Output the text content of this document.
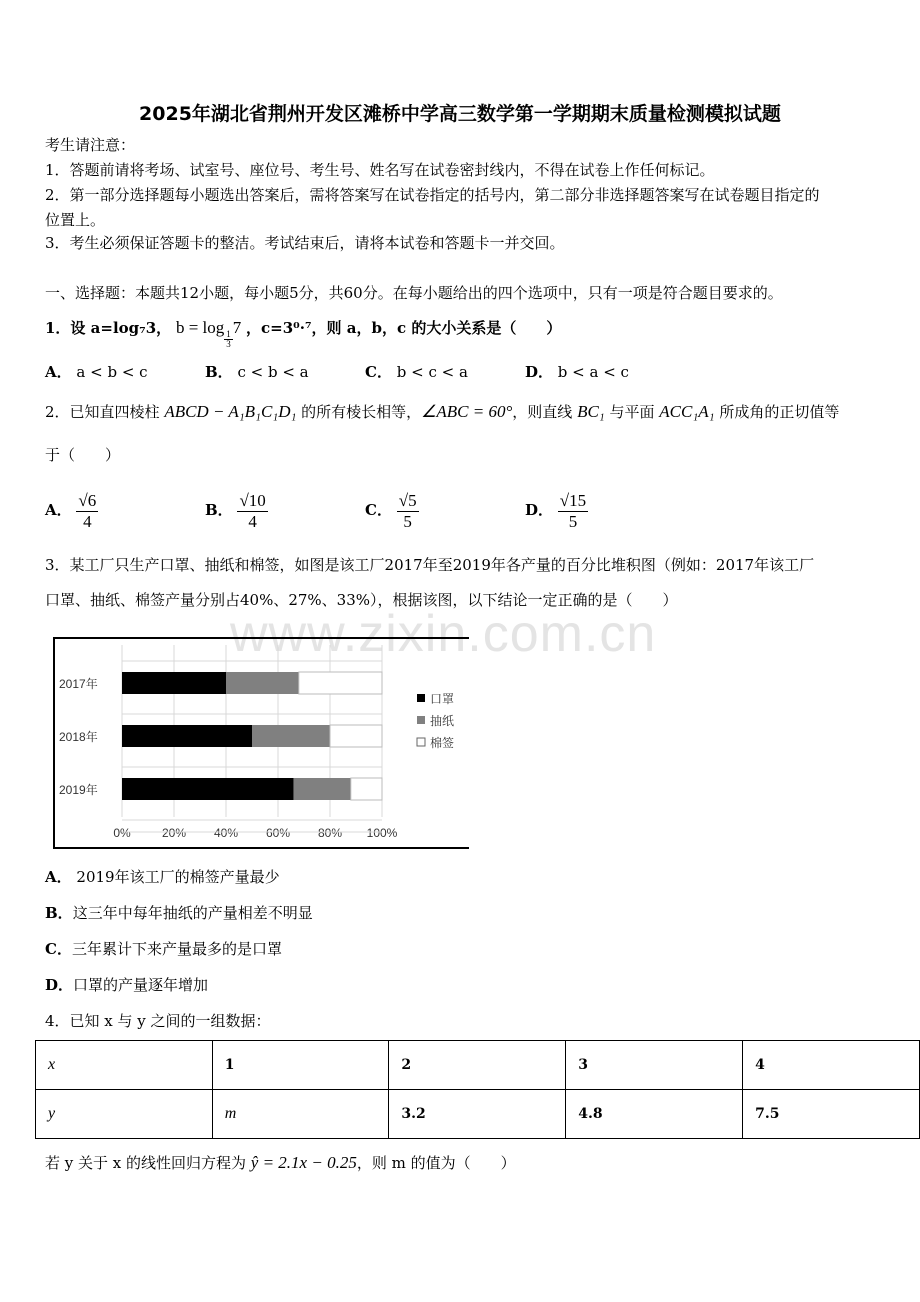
2025年湖北省荆州开发区滩桥中学高三数学第一学期期末质量检测模拟试题
考生请注意：
1．答题前请将考场、试室号、座位号、考生号、姓名写在试卷密封线内，不得在试卷上作任何标记。
2．第一部分选择题每小题选出答案后，需将答案写在试卷指定的括号内，第二部分非选择题答案写在试卷题目指定的
位置上。
3．考生必须保证答题卡的整洁。考试结束后，请将本试卷和答题卡一并交回。
一、选择题：本题共12小题，每小题5分，共60分。在每小题给出的四个选项中，只有一项是符合题目要求的。
1．设 a=log₇3， b = log
$\frac{1}{3}$
7 ，c=3⁰·⁷，则 a，b，c 的大小关系是（　　）
A． a < b < c	B． c < b < a	C． b < c < a	D． b < a < c
2．已知直四棱柱 ABCD − A₁B₁C₁D₁ 的所有棱长相等，∠ABC = 60°，则直线 BC₁ 与平面 ACC₁A₁ 所成角的正切值等
于（　　）
A． $\frac{√6}{4}$	B． $\frac{√10}{4}$	C． $\frac{√5}{5}$	D． $\frac{√15}{5}$
3．某工厂只生产口罩、抽纸和棉签，如图是该工厂2017年至2019年各产量的百分比堆积图（例如：2017年该工厂
口罩、抽纸、棉签产量分别占40%、27%、33%），根据该图，以下结论一定正确的是（　　）
www.zixin.com.cn
0%	20% 40% 60% 80% 100%
2017年
2018年
2019年
口罩
抽纸
棉签
A． 2019年该工厂的棉签产量最少
B．这三年中每年抽纸的产量相差不明显
C．三年累计下来产量最多的是口罩
D．口罩的产量逐年增加
4．已知 x 与 y 之间的一组数据：
x	1	2	3	4
y	m	3.2	4.8	7.5
若 y 关于 x 的线性回归方程为 ŷ = 2.1x − 0.25，则 m 的值为（　　）
